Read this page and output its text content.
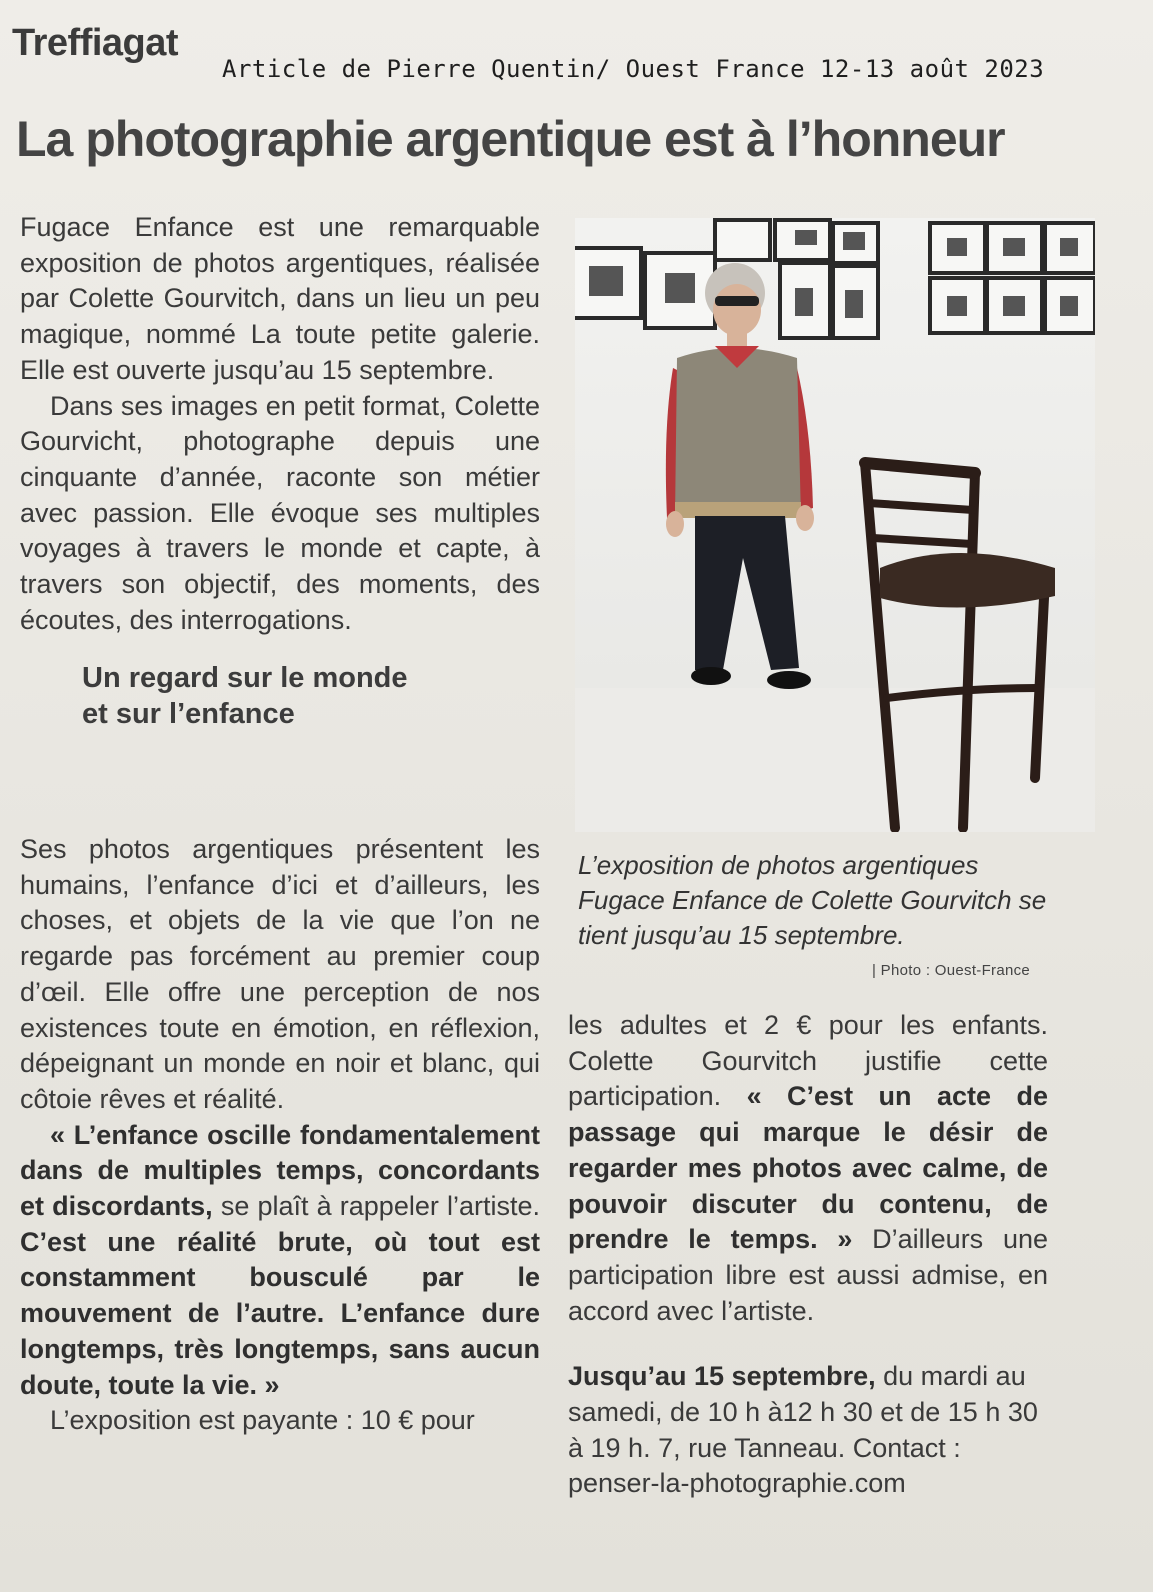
Treffiagat
Article de Pierre Quentin/ Ouest France 12-13 août 2023
La photographie argentique est à l’honneur

Fugace Enfance est une remarquable exposition de photos argentiques, réalisée par Colette Gourvitch, dans un lieu un peu magique, nommé La toute petite galerie. Elle est ouverte jusqu’au 15 septembre.

Dans ses images en petit format, Colette Gourvicht, photographe depuis une cinquante d’année, raconte son métier avec passion. Elle évoque ses multiples voyages à travers le monde et capte, à travers son objectif, des moments, des écoutes, des interrogations.

Un regard sur le monde
et sur l’enfance

Ses photos argentiques présentent les humains, l’enfance d’ici et d’ailleurs, les choses, et objets de la vie que l’on ne regarde pas forcément au premier coup d’œil. Elle offre une perception de nos existences toute en émotion, en réflexion, dépeignant un monde en noir et blanc, qui côtoie rêves et réalité.

« L’enfance oscille fondamentalement dans de multiples temps, concordants et discordants, se plaît à rappeler l’artiste. C’est une réalité brute, où tout est constamment bousculé par le mouvement de l’autre. L’enfance dure longtemps, très longtemps, sans aucun doute, toute la vie. »

L’exposition est payante : 10 € pour

L’exposition de photos argentiques Fugace Enfance de Colette Gourvitch se tient jusqu’au 15 septembre.
| Photo : Ouest-France

les adultes et 2 € pour les enfants. Colette Gourvitch justifie cette participation. « C’est un acte de passage qui marque le désir de regarder mes photos avec calme, de pouvoir discuter du contenu, de prendre le temps. » D’ailleurs une participation libre est aussi admise, en accord avec l’artiste.

Jusqu’au 15 septembre, du mardi au samedi, de 10 h à12 h 30 et de 15 h 30 à 19 h. 7, rue Tanneau. Contact : penser-la-photographie.com
